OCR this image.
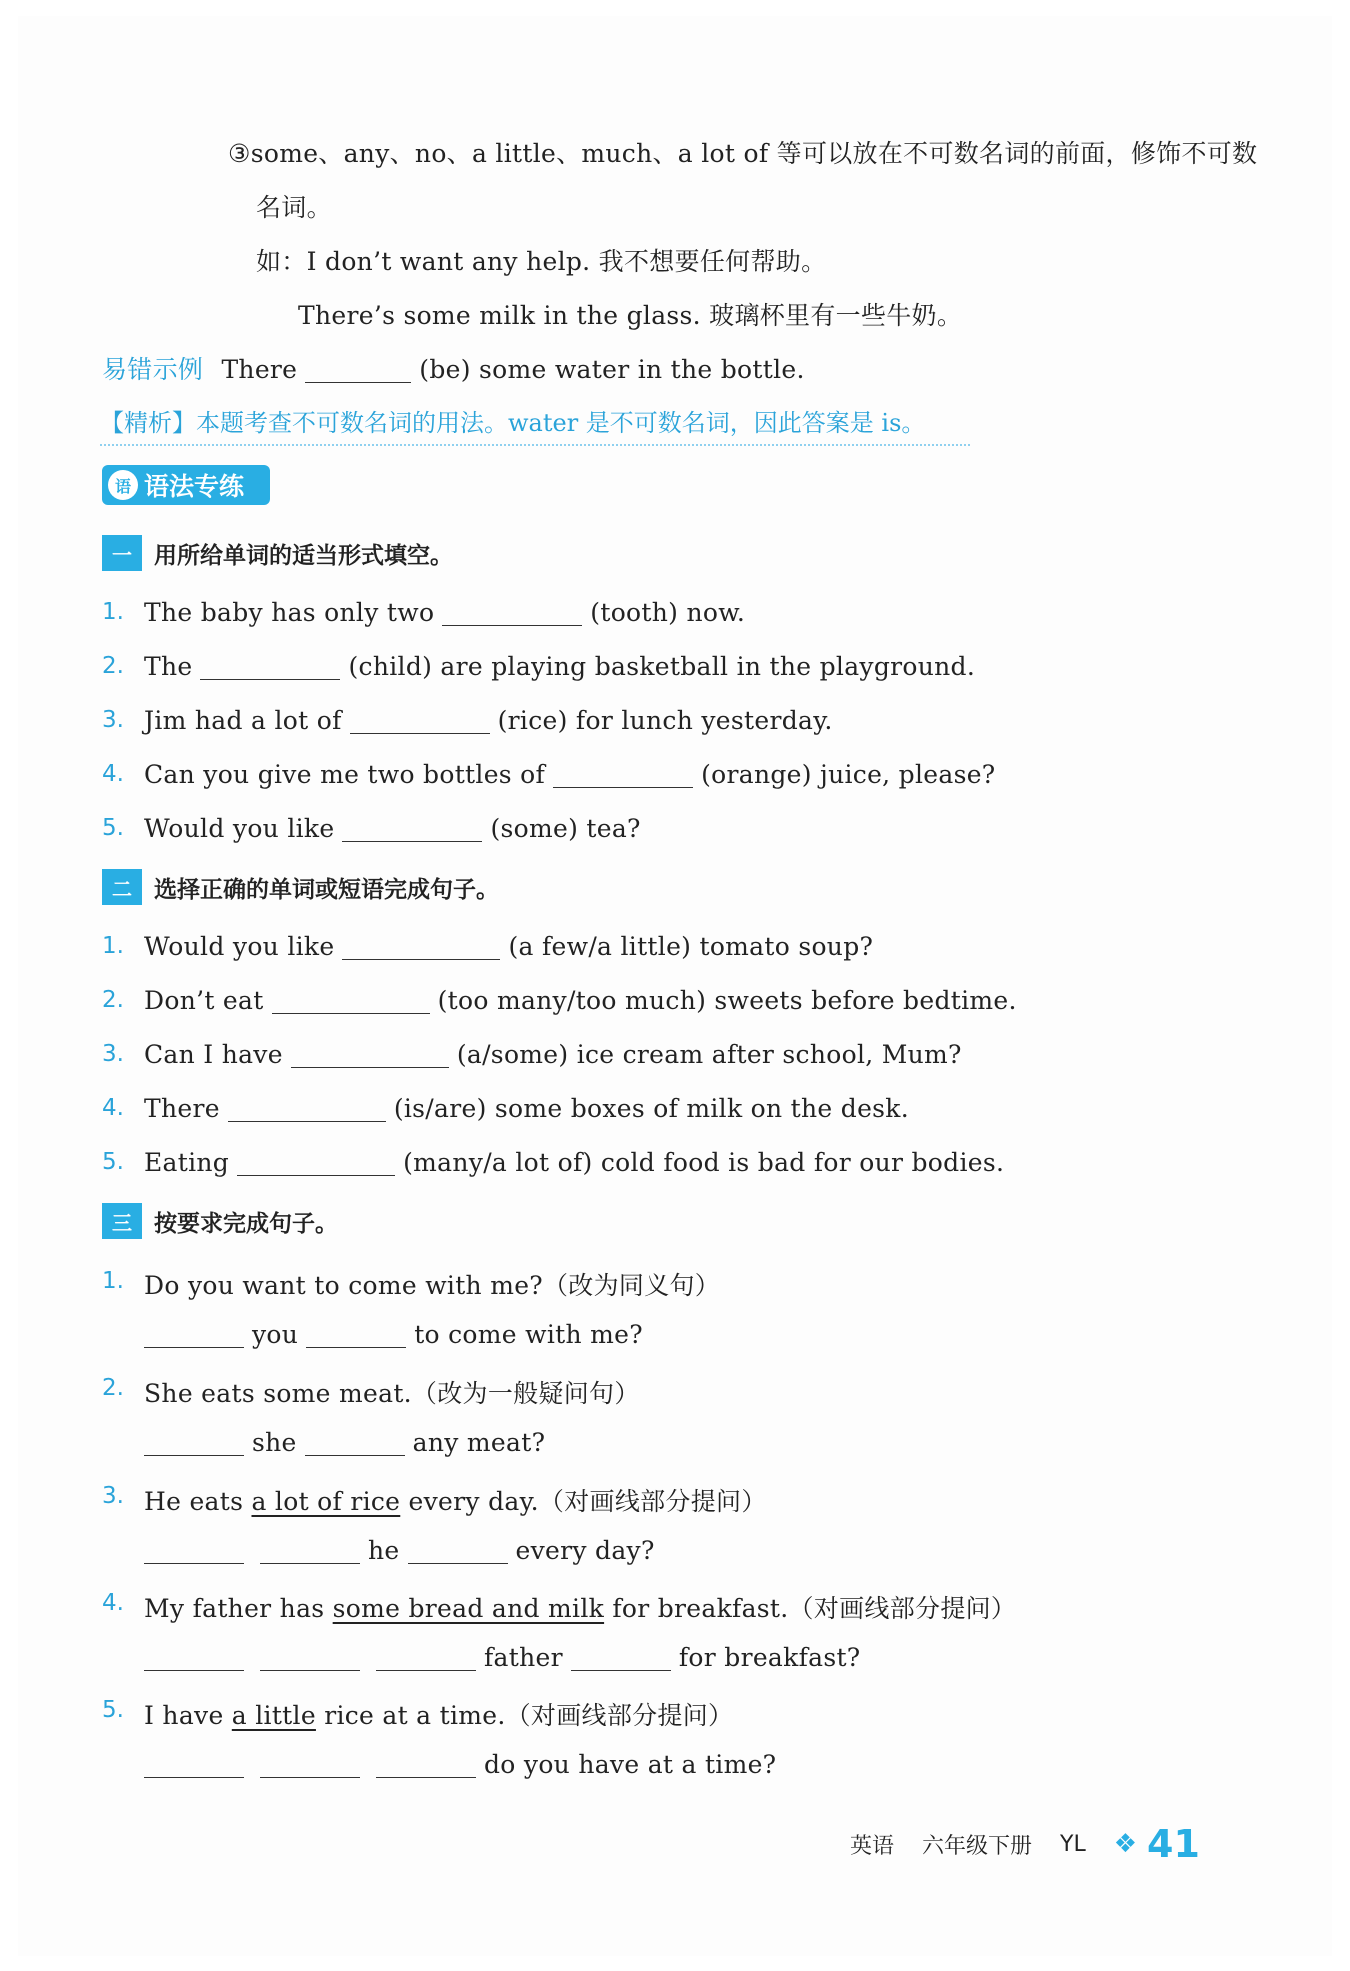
③some、any、no、a little、much、a lot of 等可以放在不可数名词的前面，修饰不可数
名词。
如：I don’t want any help. 我不想要任何帮助。
There’s some milk in the glass. 玻璃杯里有一些牛奶。
易错示例 There	(be) some water in the bottle.
【精析】本题考查不可数名词的用法。water 是不可数名词，因此答案是 is。
语 语法专练
一 用所给单词的适当形式填空。
1. The baby has only two	(tooth) now.
2. The	(child) are playing basketball in the playground.
3. Jim had a lot of	(rice) for lunch yesterday.
4. Can you give me two bottles of	(orange) juice, please?
5. Would you like	(some) tea?
二 选择正确的单词或短语完成句子。
1. Would you like	(a few/a little) tomato soup?
2. Don’t eat	(too many/too much) sweets before bedtime.
3. Can I have	(a/some) ice cream after school, Mum?
4. There	(is/are) some boxes of milk on the desk.
5. Eating	(many/a lot of) cold food is bad for our bodies.
三 按要求完成句子。
1. Do you want to come with me?（改为同义句）
you	to come with me?
2. She eats some meat.（改为一般疑问句）
she	any meat?
3. He eats a lot of rice every day.（对画线部分提问）
he	every day?
4. My father has some bread and milk for breakfast.（对画线部分提问）
father	for breakfast?
5. I have a little rice at a time.（对画线部分提问）
do you have at a time?
英语 六年级下册 YL ❖ 41
